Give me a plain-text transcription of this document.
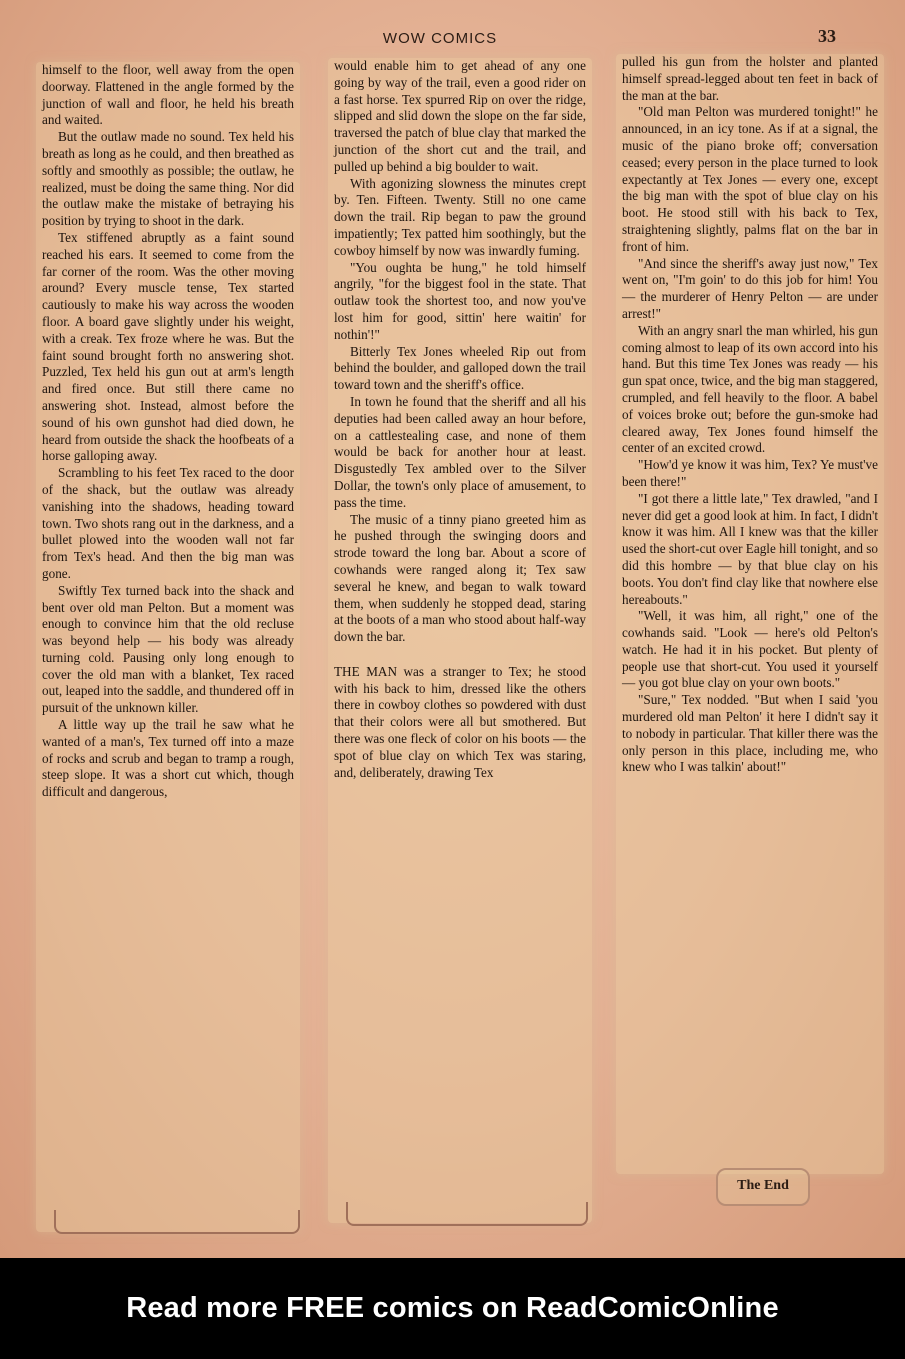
WOW COMICS	33

himself to the floor, well away from the open doorway. Flattened in the angle formed by the junction of wall and floor, he held his breath and waited.

But the outlaw made no sound. Tex held his breath as long as he could, and then breathed as softly and smoothly as possible; the outlaw, he realized, must be doing the same thing. Nor did the outlaw make the mistake of betraying his position by trying to shoot in the dark.

Tex stiffened abruptly as a faint sound reached his ears. It seemed to come from the far corner of the room. Was the other moving around? Every muscle tense, Tex started cautiously to make his way across the wooden floor. A board gave slightly under his weight, with a creak. Tex froze where he was. But the faint sound brought forth no answering shot. Puzzled, Tex held his gun out at arm's length and fired once. But still there came no answering shot. Instead, almost before the sound of his own gunshot had died down, he heard from outside the shack the hoofbeats of a horse galloping away.

Scrambling to his feet Tex raced to the door of the shack, but the outlaw was already vanishing into the shadows, heading toward town. Two shots rang out in the darkness, and a bullet plowed into the wooden wall not far from Tex's head. And then the big man was gone.

Swiftly Tex turned back into the shack and bent over old man Pelton. But a moment was enough to convince him that the old recluse was beyond help — his body was already turning cold. Pausing only long enough to cover the old man with a blanket, Tex raced out, leaped into the saddle, and thundered off in pursuit of the unknown killer.

A little way up the trail he saw what he wanted of a man's, Tex turned off into a maze of rocks and scrub and began to tramp a rough, steep slope. It was a short cut which, though difficult and dangerous,

would enable him to get ahead of any one going by way of the trail, even a good rider on a fast horse. Tex spurred Rip on over the ridge, slipped and slid down the slope on the far side, traversed the patch of blue clay that marked the junction of the short cut and the trail, and pulled up behind a big boulder to wait.

With agonizing slowness the minutes crept by. Ten. Fifteen. Twenty. Still no one came down the trail. Rip began to paw the ground impatiently; Tex patted him soothingly, but the cowboy himself by now was inwardly fuming.

"You oughta be hung," he told himself angrily, "for the biggest fool in the state. That outlaw took the shortest too, and now you've lost him for good, sittin' here waitin' for nothin'!"

Bitterly Tex Jones wheeled Rip out from behind the boulder, and galloped down the trail toward town and the sheriff's office.

In town he found that the sheriff and all his deputies had been called away an hour before, on a cattlestealing case, and none of them would be back for another hour at least. Disgustedly Tex ambled over to the Silver Dollar, the town's only place of amusement, to pass the time.

The music of a tinny piano greeted him as he pushed through the swinging doors and strode toward the long bar. About a score of cowhands were ranged along it; Tex saw several he knew, and began to walk toward them, when suddenly he stopped dead, staring at the boots of a man who stood about half-way down the bar.

THE MAN was a stranger to Tex; he stood with his back to him, dressed like the others there in cowboy clothes so powdered with dust that their colors were all but smothered. But there was one fleck of color on his boots — the spot of blue clay on which Tex was staring, and, deliberately, drawing Tex

pulled his gun from the holster and planted himself spread-legged about ten feet in back of the man at the bar.

"Old man Pelton was murdered tonight!" he announced, in an icy tone. As if at a signal, the music of the piano broke off; conversation ceased; every person in the place turned to look expectantly at Tex Jones — every one, except the big man with the spot of blue clay on his boot. He stood still with his back to Tex, straightening slightly, palms flat on the bar in front of him.

"And since the sheriff's away just now," Tex went on, "I'm goin' to do this job for him! You — the murderer of Henry Pelton — are under arrest!"

With an angry snarl the man whirled, his gun coming almost to leap of its own accord into his hand. But this time Tex Jones was ready — his gun spat once, twice, and the big man staggered, crumpled, and fell heavily to the floor. A babel of voices broke out; before the gun-smoke had cleared away, Tex Jones found himself the center of an excited crowd.

"How'd ye know it was him, Tex? Ye must've been there!"

"I got there a little late," Tex drawled, "and I never did get a good look at him. In fact, I didn't know it was him. All I knew was that the killer used the short-cut over Eagle hill tonight, and so did this hombre — by that blue clay on his boots. You don't find clay like that nowhere else hereabouts."

"Well, it was him, all right," one of the cowhands said. "Look — here's old Pelton's watch. He had it in his pocket. But plenty of people use that short-cut. You used it yourself — you got blue clay on your own boots."

"Sure," Tex nodded. "But when I said 'you murdered old man Pelton' it here I didn't say it to nobody in particular. That killer there was the only person in this place, including me, who knew who I was talkin' about!"

The End
Read more FREE comics on ReadComicOnline
